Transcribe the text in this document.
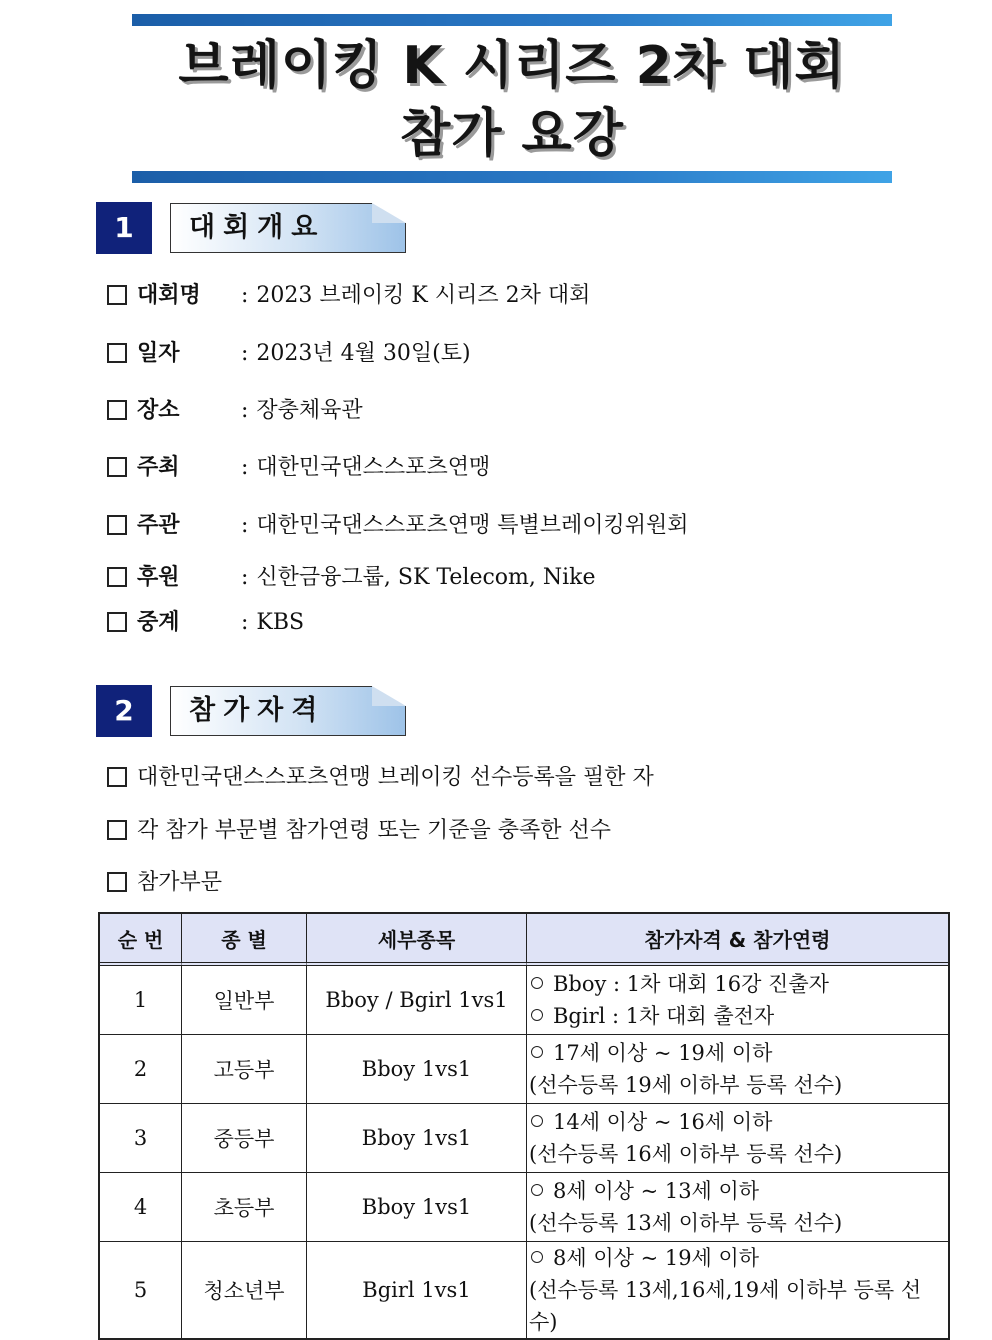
브레이킹 K 시리즈 2차 대회
참가 요강
1	대회개요
대회명 : 2023 브레이킹 K 시리즈 2차 대회
일자	: 2023년 4월 30일(토)
장소	: 장충체육관
주최	: 대한민국댄스스포츠연맹
주관	: 대한민국댄스스포츠연맹 특별브레이킹위원회
후원	: 신한금융그룹, SK Telecom, Nike
중계	: KBS
2	참가자격
대한민국댄스스포츠연맹 브레이킹 선수등록을 필한 자
각 참가 부문별 참가연령 또는 기준을 충족한 선수
참가부문
순 번	종 별	세부종목	참가자격 & 참가연령
1	일반부	Bboy / Bgirl 1vs1	Bboy : 1차 대회 16강 진출자
Bgirl : 1차 대회 출전자

2	고등부	Bboy 1vs1	17세 이상 ~ 19세 이하
(선수등록 19세 이하부 등록 선수)

3	중등부	Bboy 1vs1	14세 이상 ~ 16세 이하
(선수등록 16세 이하부 등록 선수)

4	초등부	Bboy 1vs1	8세 이상 ~ 13세 이하
(선수등록 13세 이하부 등록 선수)

5	청소년부	Bgirl 1vs1	8세 이상 ~ 19세 이하
(선수등록 13세,16세,19세 이하부 등록 선수)
